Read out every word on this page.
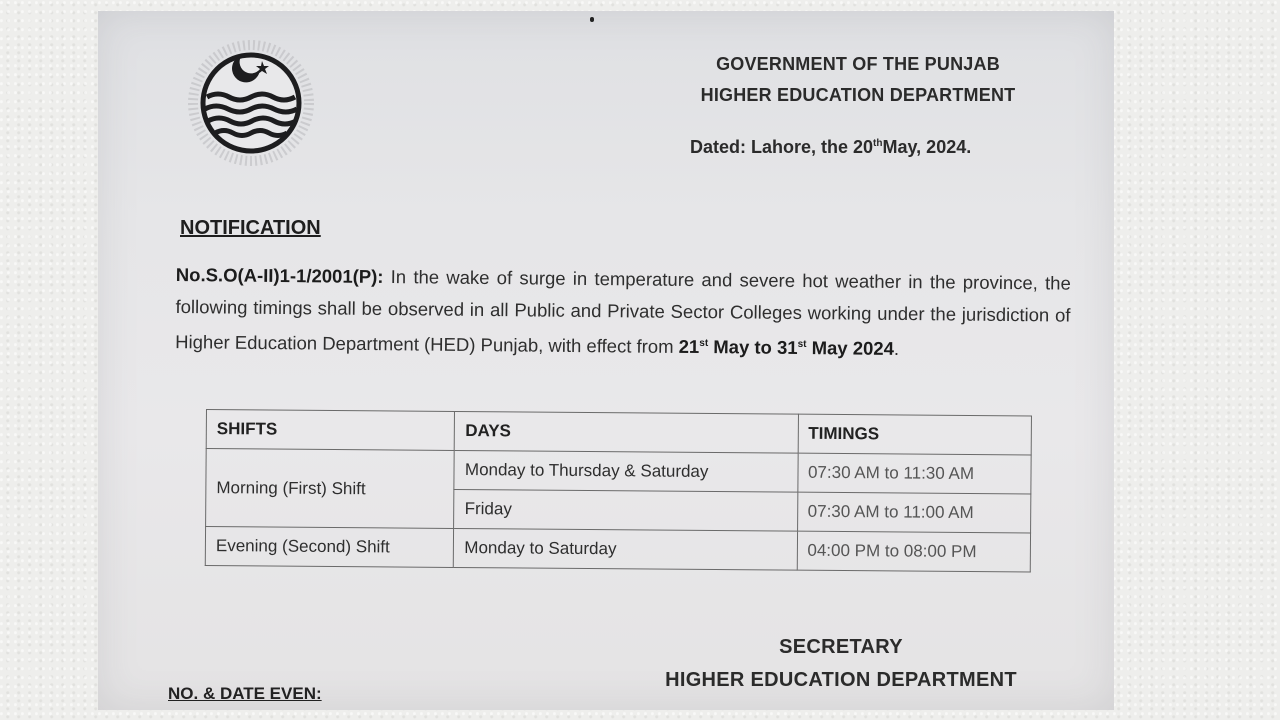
GOVERNMENT OF THE PUNJAB
HIGHER EDUCATION DEPARTMENT
Dated: Lahore, the 20thMay, 2024.
NOTIFICATION
No.S.O(A-II)1-1/2001(P): In the wake of surge in temperature and severe hot weather in the province, the following timings shall be observed in all Public and Private Sector Colleges working under the jurisdiction of Higher Education Department (HED) Punjab, with effect from 21st May to 31st May 2024.
SHIFTS	DAYS	TIMINGS
Morning (First) Shift	Monday to Thursday & Saturday	07:30 AM to 11:30 AM
	Friday	07:30 AM to 11:00 AM
Evening (Second) Shift	Monday to Saturday	04:00 PM to 08:00 PM
SECRETARY
HIGHER EDUCATION DEPARTMENT
NO. & DATE EVEN:
